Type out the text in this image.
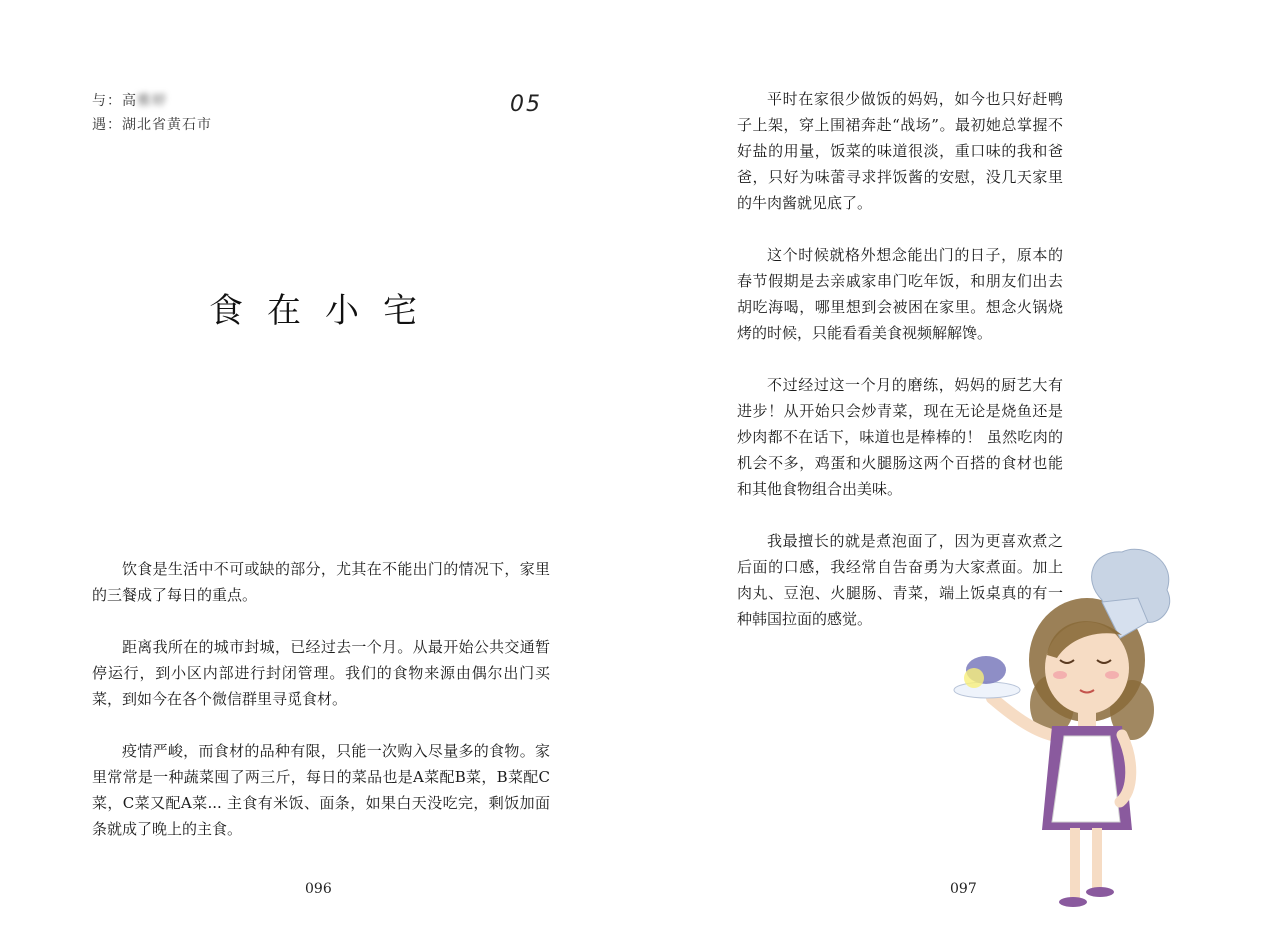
与：高雅婷
遇：湖北省黄石市
05
食在小宅

饮食是生活中不可或缺的部分，尤其在不能出门的情况下，家里的三餐成了每日的重点。

距离我所在的城市封城，已经过去一个月。从最开始公共交通暂停运行，到小区内部进行封闭管理。我们的食物来源由偶尔出门买菜，到如今在各个微信群里寻觅食材。

疫情严峻，而食材的品种有限，只能一次购入尽量多的食物。家里常常是一种蔬菜囤了两三斤，每日的菜品也是A菜配B菜，B菜配C菜，C菜又配A菜... 主食有米饭、面条，如果白天没吃完，剩饭加面条就成了晚上的主食。

096

平时在家很少做饭的妈妈，如今也只好赶鸭子上架，穿上围裙奔赴“战场”。最初她总掌握不好盐的用量，饭菜的味道很淡，重口味的我和爸爸，只好为味蕾寻求拌饭酱的安慰，没几天家里的牛肉酱就见底了。

这个时候就格外想念能出门的日子，原本的春节假期是去亲戚家串门吃年饭，和朋友们出去胡吃海喝，哪里想到会被困在家里。想念火锅烧烤的时候，只能看看美食视频解解馋。

不过经过这一个月的磨练，妈妈的厨艺大有进步！从开始只会炒青菜，现在无论是烧鱼还是炒肉都不在话下，味道也是棒棒的！ 虽然吃肉的机会不多，鸡蛋和火腿肠这两个百搭的食材也能和其他食物组合出美味。

我最擅长的就是煮泡面了，因为更喜欢煮之后面的口感，我经常自告奋勇为大家煮面。加上肉丸、豆泡、火腿肠、青菜，端上饭桌真的有一种韩国拉面的感觉。

097
